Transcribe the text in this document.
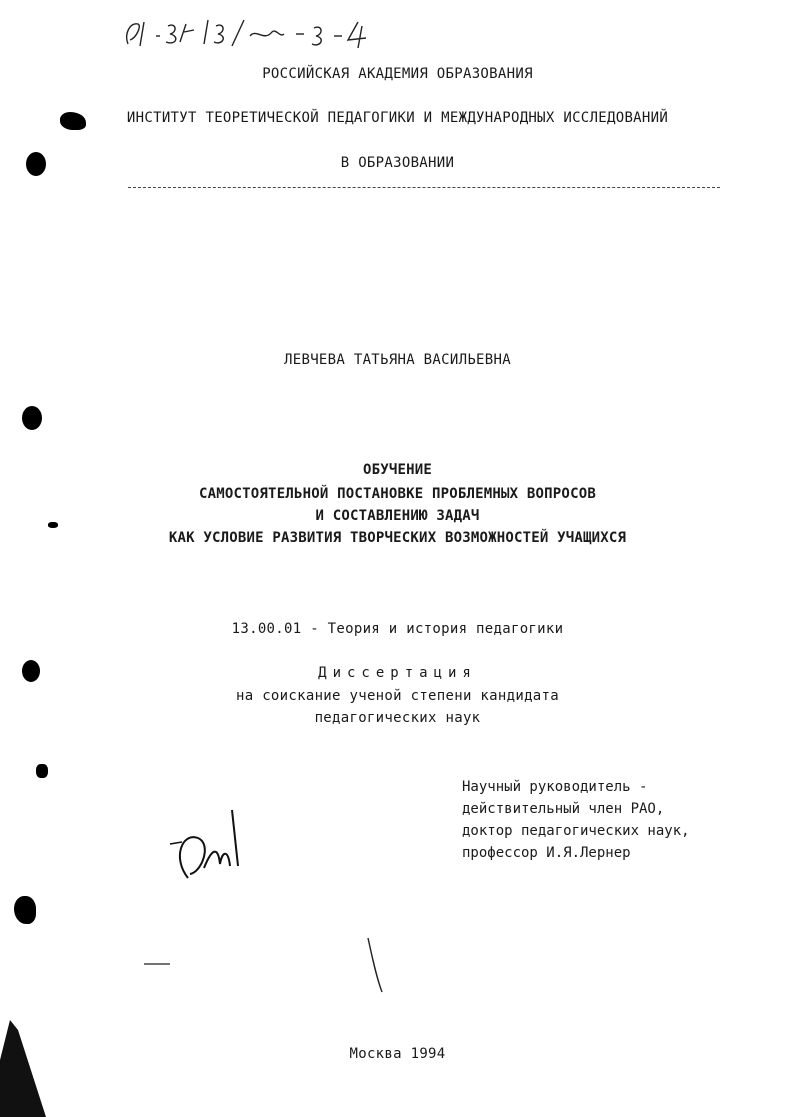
РОССИЙСКАЯ АКАДЕМИЯ ОБРАЗОВАНИЯ
ИНСТИТУТ ТЕОРЕТИЧЕСКОЙ ПЕДАГОГИКИ И МЕЖДУНАРОДНЫХ ИССЛЕДОВАНИЙ
В ОБРАЗОВАНИИ
ЛЕВЧЕВА ТАТЬЯНА ВАСИЛЬЕВНА
ОБУЧЕНИЕ
САМОСТОЯТЕЛЬНОЙ ПОСТАНОВКЕ ПРОБЛЕМНЫХ ВОПРОСОВ
И СОСТАВЛЕНИЮ ЗАДАЧ
КАК УСЛОВИЕ РАЗВИТИЯ ТВОРЧЕСКИХ ВОЗМОЖНОСТЕЙ УЧАЩИХСЯ
13.00.01 - Теория и история педагогики
Диссертация
на соискание ученой степени кандидата
педагогических наук
Научный руководитель -
действительный член РАО,
доктор педагогических наук,
профессор И.Я.Лернер
Москва 1994
